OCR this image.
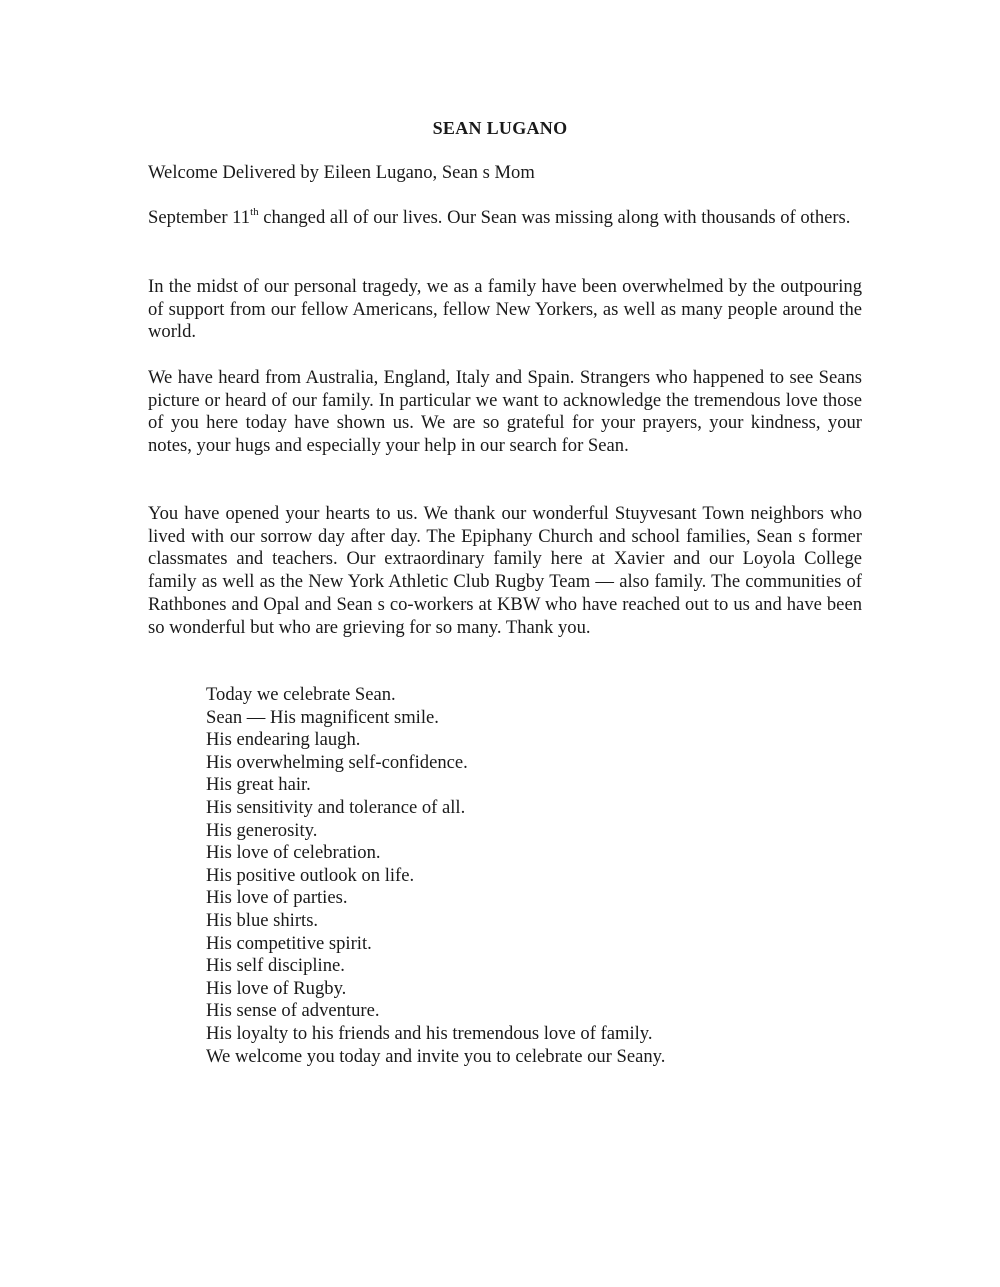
SEAN LUGANO
Welcome Delivered by Eileen Lugano, Sean s Mom

September 11th changed all of our lives. Our Sean was missing along with thousands of others.

In the midst of our personal tragedy, we as a family have been overwhelmed by the outpouring of support from our fellow Americans, fellow New Yorkers, as well as many people around the world.

We have heard from Australia, England, Italy and Spain. Strangers who happened to see Seans picture or heard of our family. In particular we want to acknowledge the tremendous love those of you here today have shown us. We are so grateful for your prayers, your kindness, your notes, your hugs and especially your help in our search for Sean.

You have opened your hearts to us. We thank our wonderful Stuyvesant Town neighbors who lived with our sorrow day after day. The Epiphany Church and school families, Sean s former classmates and teachers. Our extraordinary family here at Xavier and our Loyola College family as well as the New York Athletic Club Rugby Team — also family. The communities of Rathbones and Opal and Sean s co-workers at KBW who have reached out to us and have been so wonderful but who are grieving for so many. Thank you.

Today we celebrate Sean.
Sean — His magnificent smile.
His endearing laugh.
His overwhelming self-confidence.
His great hair.
His sensitivity and tolerance of all.
His generosity.
His love of celebration.
His positive outlook on life.
His love of parties.
His blue shirts.
His competitive spirit.
His self discipline.
His love of Rugby.
His sense of adventure.
His loyalty to his friends and his tremendous love of family.
We welcome you today and invite you to celebrate our Seany.
